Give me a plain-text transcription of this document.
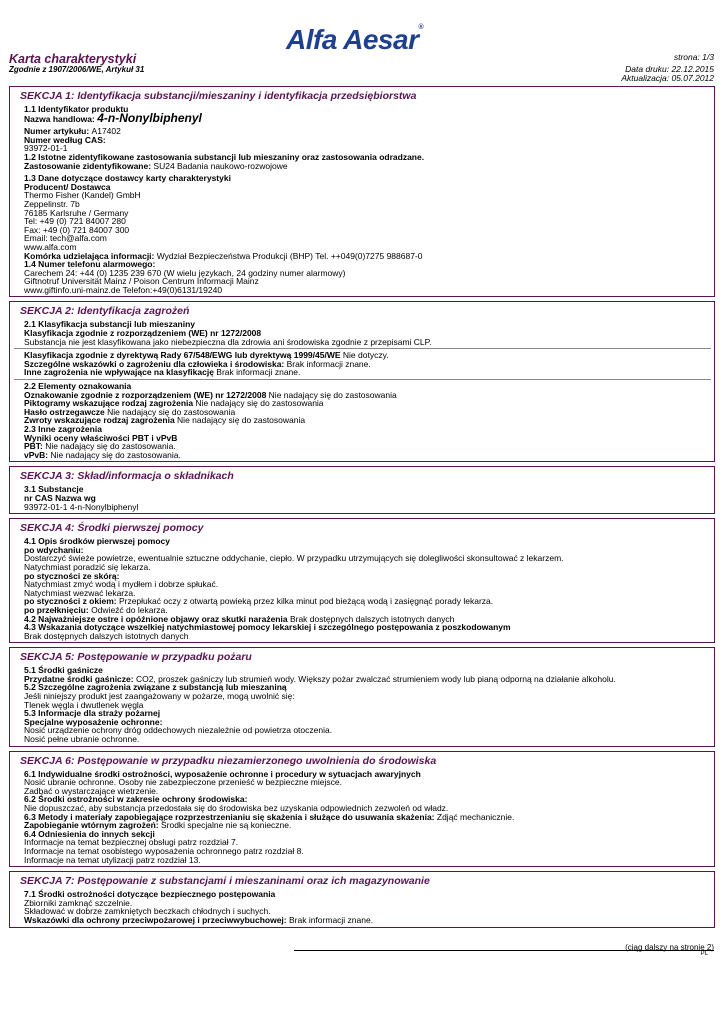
Alfa Aesar®
Karta charakterystyki
Zgodnie z 1907/2006/WE, Artykuł 31
strona: 1/3
Data druku: 22.12.2015
Aktualizacja: 05.07.2012
SEKCJA 1: Identyfikacja substancji/mieszaniny i identyfikacja przedsiębiorstwa
1.1 Identyfikator produktu
Nazwa handlowa: 4-n-Nonylbiphenyl
Numer artykułu: A17402
Numer według CAS:
93972-01-1
1.2 Istotne zidentyfikowane zastosowania substancji lub mieszaniny oraz zastosowania odradzane.
Zastosowanie zidentyfikowane: SU24 Badania naukowo-rozwojowe
1.3 Dane dotyczące dostawcy karty charakterystyki
Producent/ Dostawca
Thermo Fisher (Kandel) GmbH
Zeppelinstr. 7b
76185 Karlsruhe / Germany
Tel: +49 (0) 721 84007 280
Fax: +49 (0) 721 84007 300
Email: tech@alfa.com
www.alfa.com
Komórka udzielająca informacji: Wydział Bezpieczeństwa Produkcji (BHP) Tel. ++049(0)7275 988687-0
1.4 Numer telefonu alarmowego:
Carechem 24: +44 (0) 1235 239 670 (W wielu językach, 24 godziny numer alarmowy)
Giftnotruf Universität Mainz / Poison Centrum Informacji Mainz
www.giftinfo.uni-mainz.de Telefon:+49(0)6131/19240
SEKCJA 2: Identyfikacja zagrożeń
2.1 Klasyfikacja substancji lub mieszaniny
Klasyfikacja zgodnie z rozporządzeniem (WE) nr 1272/2008
Substancja nie jest klasyfikowana jako niebezpieczna dla zdrowia ani środowiska zgodnie z przepisami CLP.
Klasyfikacja zgodnie z dyrektywą Rady 67/548/EWG lub dyrektywą 1999/45/WE Nie dotyczy.
Szczególne wskazówki o zagrożeniu dla człowieka i środowiska: Brak informacji znane.
Inne zagrożenia nie wpływające na klasyfikację Brak informacji znane.
2.2 Elementy oznakowania
Oznakowanie zgodnie z rozporządzeniem (WE) nr 1272/2008 Nie nadający się do zastosowania
Piktogramy wskazujące rodzaj zagrożenia Nie nadający się do zastosowania
Hasło ostrzegawcze Nie nadający się do zastosowania
Zwroty wskazujące rodzaj zagrożenia Nie nadający się do zastosowania
2.3 Inne zagrożenia
Wyniki oceny właściwości PBT i vPvB
PBT: Nie nadający się do zastosowania.
vPvB: Nie nadający się do zastosowania.
SEKCJA 3: Skład/informacja o składnikach
3.1 Substancje
nr CAS Nazwa wg
93972-01-1 4-n-Nonylbiphenyl
SEKCJA 4: Środki pierwszej pomocy
4.1 Opis środków pierwszej pomocy
po wdychaniu:
Dostarczyć świeże powietrze, ewentualnie sztuczne oddychanie, ciepło. W przypadku utrzymujących się dolegliwości skonsultować z lekarzem.
Natychmiast poradzić się lekarza.
po styczności ze skórą:
Natychmiast zmyć wodą i mydłem i dobrze spłukać.
Natychmiast wezwać lekarza.
po styczności z okiem: Przepłukać oczy z otwartą powieką przez kilka minut pod bieżącą wodą i zasięgnąć porady lekarza.
po przełknięciu: Odwieźć do lekarza.
4.2 Najważniejsze ostre i opóźnione objawy oraz skutki narażenia Brak dostępnych dalszych istotnych danych
4.3 Wskazania dotyczące wszelkiej natychmiastowej pomocy lekarskiej i szczególnego postępowania z poszkodowanym
Brak dostępnych dalszych istotnych danych
SEKCJA 5: Postępowanie w przypadku pożaru
5.1 Środki gaśnicze
Przydatne środki gaśnicze: CO2, proszek gaśniczy lub strumień wody. Większy pożar zwalczać strumieniem wody lub pianą odporną na działanie alkoholu.
5.2 Szczególne zagrożenia związane z substancją lub mieszaniną
Jeśli niniejszy produkt jest zaangażowany w pożarze, mogą uwolnić się:
Tlenek węgla i dwutlenek węgla
5.3 Informacje dla straży pożarnej
Specjalne wyposażenie ochronne:
Nosić urządzenie ochrony dróg oddechowych niezależnie od powietrza otoczenia.
Nosić pełne ubranie ochronne.
SEKCJA 6: Postępowanie w przypadku niezamierzonego uwolnienia do środowiska
6.1 Indywidualne środki ostrożności, wyposażenie ochronne i procedury w sytuacjach awaryjnych
Nosić ubranie ochronne. Osoby nie zabezpieczone przenieść w bezpieczne miejsce.
Zadbać o wystarczające wietrzenie.
6.2 Środki ostrożności w zakresie ochrony środowiska:
Nie dopuszczać, aby substancja przedostała się do środowiska bez uzyskania odpowiednich zezwoleń od władz.
6.3 Metody i materiały zapobiegające rozprzestrzenianiu się skażenia i służące do usuwania skażenia: Zdjąć mechanicznie.
Zapobieganie wtórnym zagrożeń: Środki specjalne nie są konieczne.
6.4 Odniesienia do innych sekcji
Informacje na temat bezpiecznej obsługi patrz rozdział 7.
Informacje na temat osobistego wyposażenia ochronnego patrz rozdział 8.
Informacje na temat utylizacji patrz rozdział 13.
SEKCJA 7: Postępowanie z substancjami i mieszaninami oraz ich magazynowanie
7.1 Środki ostrożności dotyczące bezpiecznego postępowania
Zbiorniki zamknąć szczelnie.
Składować w dobrze zamkniętych beczkach chłodnych i suchych.
Wskazówki dla ochrony przeciwpożarowej i przeciwwybuchowej: Brak informacji znane.
(ciąg dalszy na stronie 2)
PL
